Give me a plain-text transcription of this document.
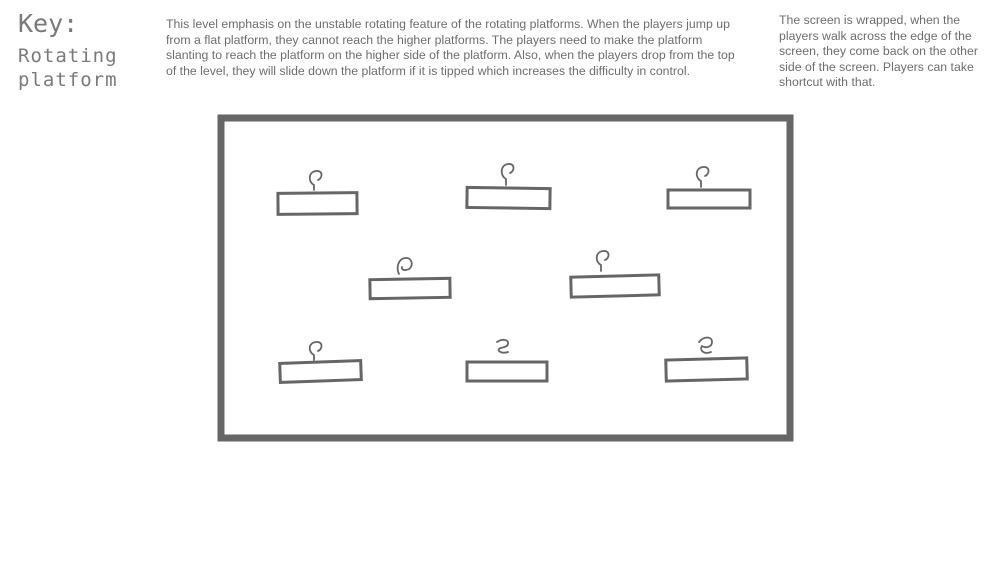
Key:
Rotating
platform

This level emphasis on the unstable rotating feature of the rotating platforms. When the players jump up from a flat platform, they cannot reach the higher platforms. The players need to make the platform slanting to reach the platform on the higher side of the platform. Also, when the players drop from the top of the level, they will slide down the platform if it is tipped which increases the difficulty in control.

The screen is wrapped, when the players walk across the edge of the screen, they come back on the other side of the screen. Players can take shortcut with that.
